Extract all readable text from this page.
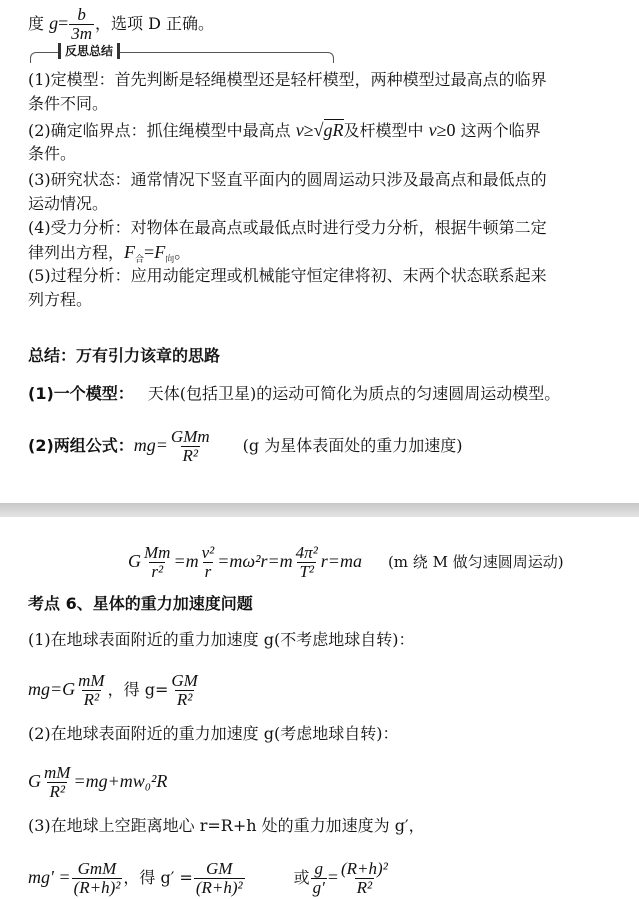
度 $g= \frac{b}{3m}$ ，选项 D 正确。
反思总结
(1)定模型：首先判断是轻绳模型还是轻杆模型，两种模型过最高点的临界
条件不同。
(2)确定临界点：抓住绳模型中最高点 v≥√gR及杆模型中 v≥0 这两个临界
条件。
(3)研究状态：通常情况下竖直平面内的圆周运动只涉及最高点和最低点的
运动情况。
(4)受力分析：对物体在最高点或最低点时进行受力分析，根据牛顿第二定
律列出方程，$F_合=F_向$。
(5)过程分析：应用动能定理或机械能守恒定律将初、末两个状态联系起来
列方程。
总结：万有引力该章的思路
(1)一个模型： 天体(包括卫星)的运动可简化为质点的匀速圆周运动模型。
(2)两组公式：$mg= \frac{\text{GMm}}{\text{R²}} (g$ 为星体表面处的重力加速度)
G $\frac{Mm}{\text{r²}} =m \frac{\text{v²}}{r} =m\omega^2r=m \frac{\text{4π²}}{\text{T²}} r=ma$ (m 绕 M 做匀速圆周运动)
考点 6、星体的重力加速度问题
(1)在地球表面附近的重力加速度 g(不考虑地球自转)：
$mg=G \frac{mM}{\text{R²}}$ ，得 $g= \frac{GM}{\text{R²}}$
(2)在地球表面附近的重力加速度 g(考虑地球自转)：
G $\frac{mM}{\text{R²}} =mg+mw_0^2R$
(3)在地球上空距离地心 r=R+h 处的重力加速度为 g′，
$mg' = \frac{\text{GmM}}{\text{(R+h)²}}$ ，得 $g' = \frac{GM}{\text{(R+h)²}}$	或 $\frac{g}{g'} = \frac{\text{(R+h)²}}{\text{R²}}$
